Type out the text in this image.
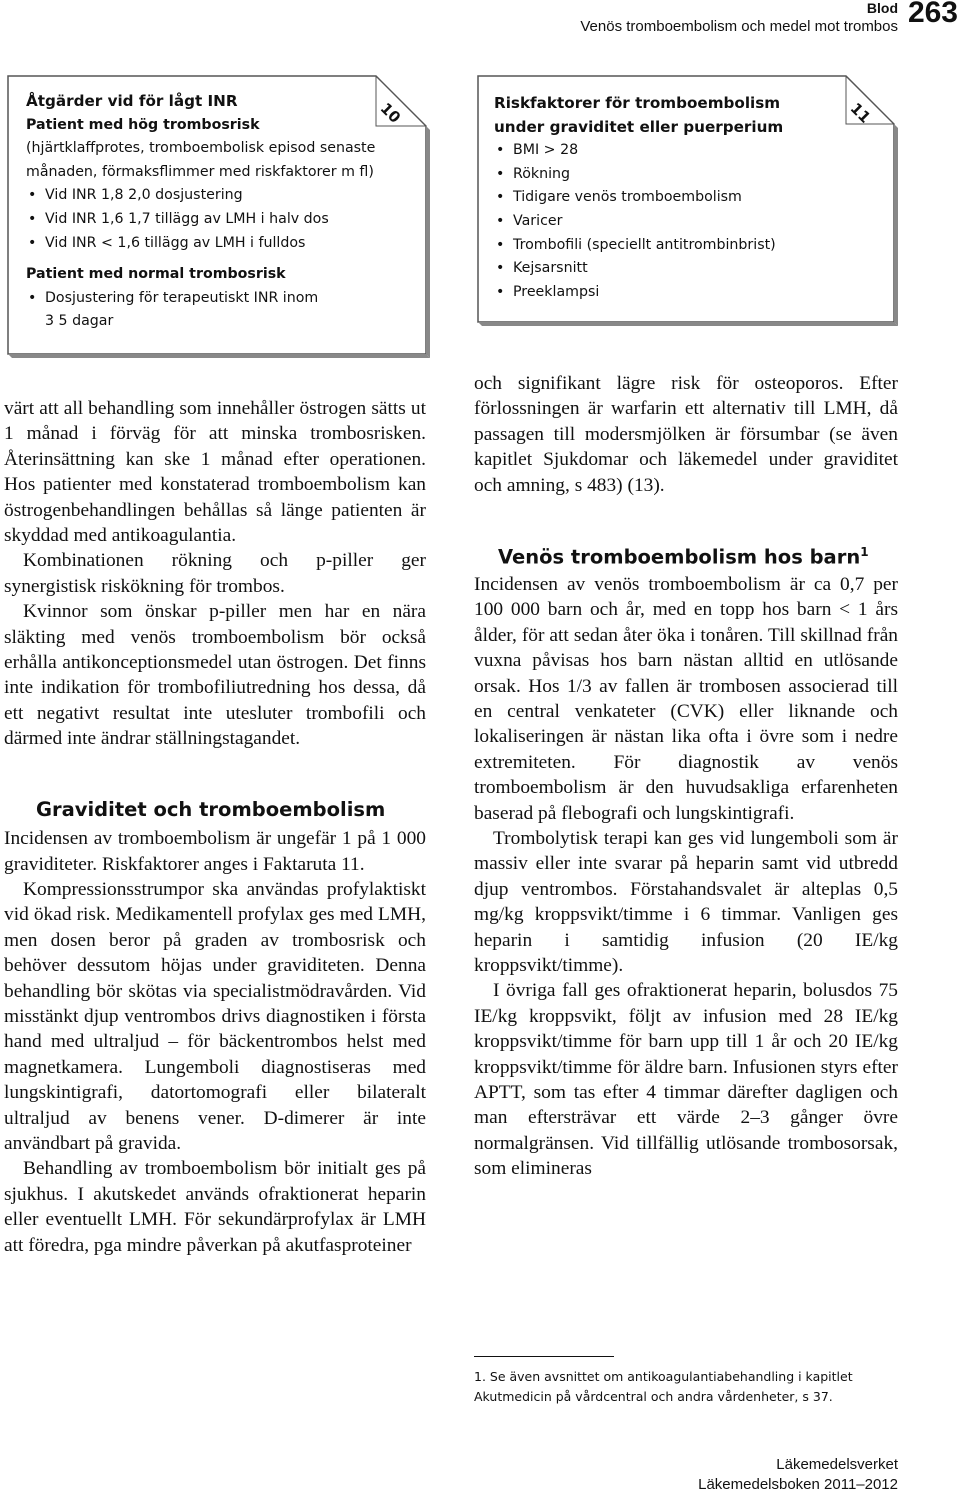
Blod
Venös tromboembolism och medel mot trombos 263
10

Åtgärder vid för lågt INR

Patient med hög trombosrisk

(hjärtklaffprotes, tromboembolisk episod senaste

månaden, förmaksflimmer med riskfaktorer m fl)

• Vid INR 1,8 2,0 dosjustering
• Vid INR 1,6 1,7 tillägg av LMH i halv dos
• Vid INR < 1,6 tillägg av LMH i fulldos

Patient med normal trombosrisk

• Dosjustering för terapeutiskt INR inom

3 5 dagar

11

Riskfaktorer för tromboembolism

under graviditet eller puerperium

• BMI > 28
• Rökning
• Tidigare venös tromboembolism
• Varicer
• Trombofili (speciellt antitrombinbrist)
• Kejsarsnitt
• Preeklampsi

värt att all behandling som innehåller östrogen sätts ut 1 månad i förväg för att minska trombosrisken. Återinsättning kan ske 1 månad efter operationen. Hos patienter med konstaterad tromboembolism kan östrogenbehandlingen behållas så länge patienten är skyddad med antikoagulantia.

Kombinationen rökning och p-piller ger synergistisk riskökning för trombos.

Kvinnor som önskar p-piller men har en nära släkting med venös tromboembolism bör också erhålla antikonceptionsmedel utan östrogen. Det finns inte indikation för trombofiliutredning hos dessa, då ett negativt resultat inte utesluter trombofili och därmed inte ändrar ställningstagandet.

Graviditet och tromboembolism

Incidensen av tromboembolism är ungefär 1 på 1 000 graviditeter. Riskfaktorer anges i Faktaruta 11.

Kompressionsstrumpor ska användas profylaktiskt vid ökad risk. Medikamentell profylax ges med LMH, men dosen beror på graden av trombosrisk och behöver dessutom höjas under graviditeten. Denna behandling bör skötas via specialistmödravården. Vid misstänkt djup ventrombos drivs diagnostiken i första hand med ultraljud – för bäckentrombos helst med magnetkamera. Lungemboli diagnostiseras med lungskintigrafi, datortomografi eller bilateralt ultraljud av benens vener. D-dimerer är inte användbart på gravida.

Behandling av tromboembolism bör initialt ges på sjukhus. I akutskedet används ofraktionerat heparin eller eventuellt LMH. För sekundärprofylax är LMH att föredra, pga mindre påverkan på akutfasproteiner

och signifikant lägre risk för osteoporos. Efter förlossningen är warfarin ett alternativ till LMH, då passagen till modersmjölken är försumbar (se även kapitlet Sjukdomar och läkemedel under graviditet och amning, s 483) (13).

Venös tromboembolism hos barn$^1$

Incidensen av venös tromboembolism är ca 0,7 per 100 000 barn och år, med en topp hos barn < 1 års ålder, för att sedan åter öka i tonåren. Till skillnad från vuxna påvisas hos barn nästan alltid en utlösande orsak. Hos 1/3 av fallen är trombosen associerad till en central venkateter (CVK) eller liknande och lokaliseringen är nästan lika ofta i övre som i nedre extremiteten. För diagnostik av venös tromboembolism är den huvudsakliga erfarenheten baserad på flebografi och lungskintigrafi.

Trombolytisk terapi kan ges vid lungemboli som är massiv eller inte svarar på heparin samt vid utbredd djup ventrombos. Förstahandsvalet är alteplas 0,5 mg/kg kroppsvikt/timme i 6 timmar. Vanligen ges heparin i samtidig infusion (20 IE/kg kroppsvikt/timme).

I övriga fall ges ofraktionerat heparin, bolusdos 75 IE/kg kroppsvikt, följt av infusion med 28 IE/kg kroppsvikt/timme för barn upp till 1 år och 20 IE/kg kroppsvikt/timme för äldre barn. Infusionen styrs efter APTT, som tas efter 4 timmar därefter dagligen och man eftersträvar ett värde 2–3 gånger övre normalgränsen. Vid tillfällig utlösande trombosorsak, som elimineras

1. Se även avsnittet om antikoagulantiabehandling i kapitlet Akutmedicin på vårdcentral och andra vårdenheter, s 37.
Läkemedelsverket
Läkemedelsboken 2011–2012
